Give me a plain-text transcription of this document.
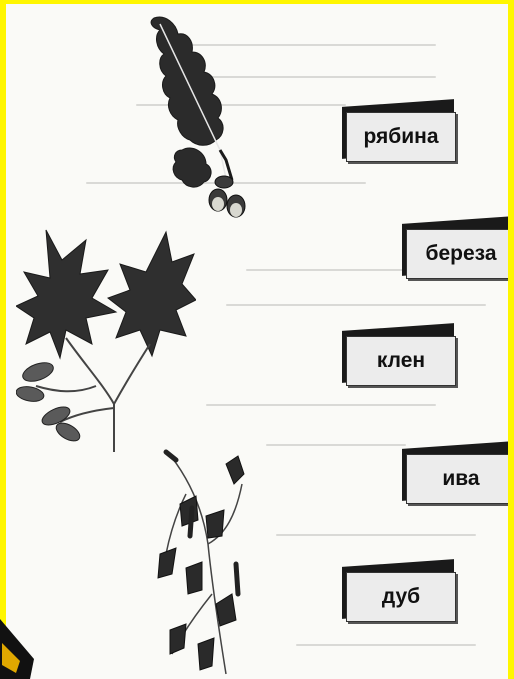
рябина
береза
клен
ива
дуб
